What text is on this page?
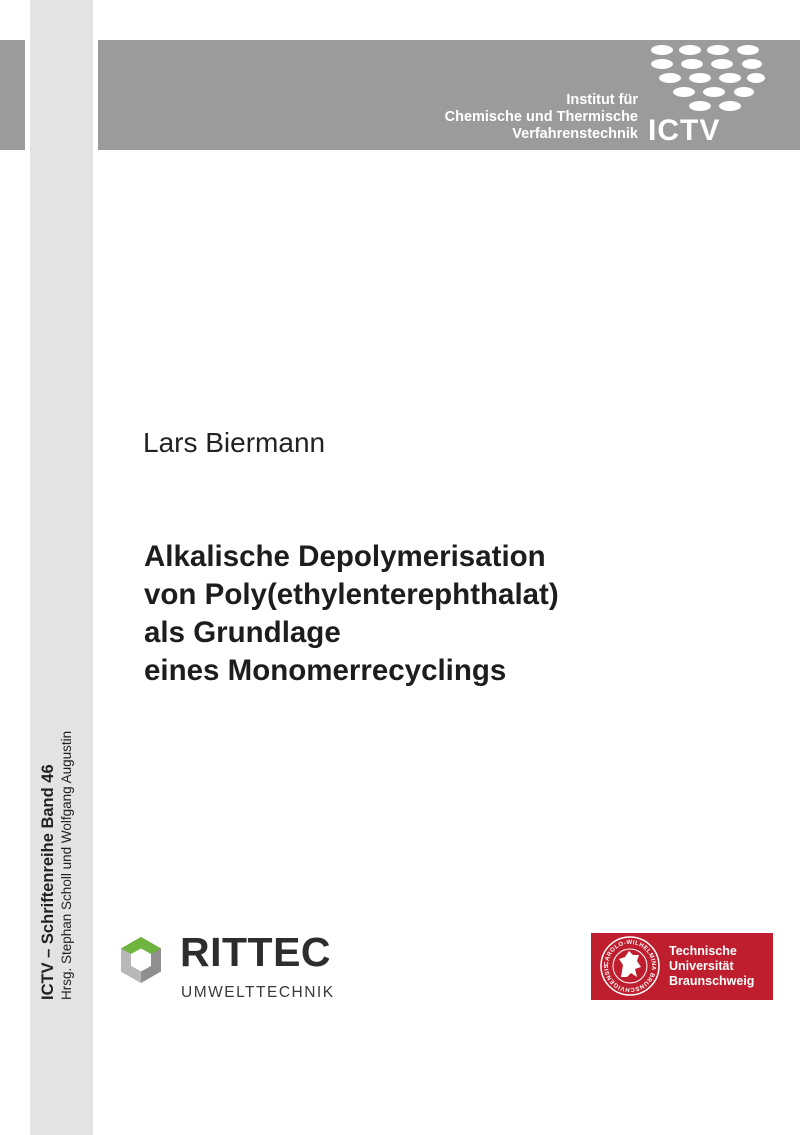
Institut für
Chemische und Thermische
Verfahrenstechnik ICTV
Lars Biermann
Alkalische Depolymerisation
von Poly(ethylenterephthalat)
als Grundlage
eines Monomerrecyclings
ICTV – Schriftenreihe Band 46 Hrsg. Stephan Scholl und Wolfgang Augustin	RITTEC
UMWELTTECHNIK
CAROLO-WILHELMINA BRUNSCHVIGENSIS
Technische
Universität
Braunschweig
